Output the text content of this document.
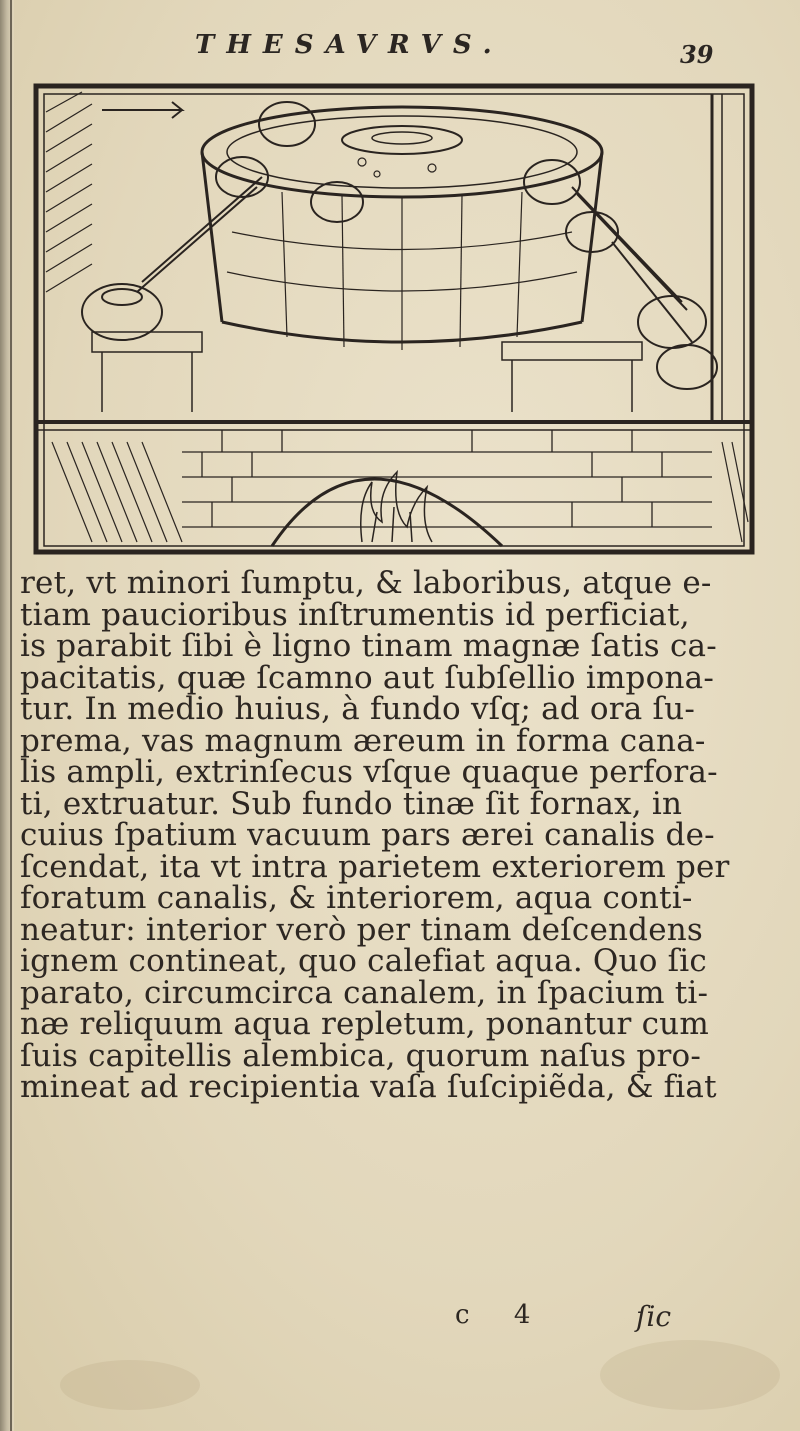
THESAVRVS.	39
ret, vt minori ſumptu, & laboribus, atque e-
tiam paucioribus inſtrumentis id perficiat,
is parabit ſibi è ligno tinam magnæ ſatis ca-
pacitatis, quæ ſcamno aut ſubſellio impona-
tur. In medio huius, à fundo vſq; ad ora ſu-
prema, vas magnum æreum in forma cana-
lis ampli, extrinſecus vſque quaque perfora-
ti, extruatur. Sub fundo tinæ ſit fornax, in
cuius ſpatium vacuum pars ærei canalis de-
ſcendat, ita vt intra parietem exteriorem per
foratum canalis, & interiorem, aqua conti-
neatur: interior verò per tinam deſcendens
ignem contineat, quo calefiat aqua. Quo ſic
parato, circumcirca canalem, in ſpacium ti-
næ reliquum aqua repletum, ponantur cum
ſuis capitellis alembica, quorum naſus pro-
mineat ad recipientia vaſa ſuſcipiẽda, & fiat
c 4	ſic
